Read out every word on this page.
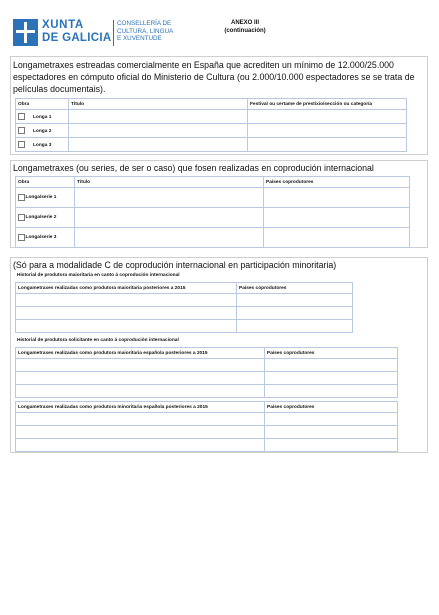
XUNTA
DE GALICIA
CONSELLERÍA DE
CULTURA, LINGUA
E XUVENTUDE
ANEXO III
(continuación)
Longametraxes estreadas comercialmente en España que acrediten un mínimo de 12.000/25.000 espectadores en cómputo oficial do Ministerio de Cultura (ou 2.000/10.000 espectadores se se trata de películas documentais).
Obra	Título	Festival ou certame de prestixio/sección ou categoría
Longa 1		
Longa 2		
Longa 3		
Longametraxes (ou series, de ser o caso) que fosen realizadas en coprodución internacional
Obra	Título	Países coprodutores

Longa/serie 1		

Longa/serie 2		

Longa/serie 3		

(Só para a modalidade C de coprodución internacional en participación minoritaria)
Historial de produtora maioritaria en canto á coprodución internacional
Longametraxes realizadas como produtora maioritaria posteriores a 2015	Países coprodutores

Historial de produtora solicitante en canto á coprodución internacional
Longametraxes realizadas como produtora maioritaria española posteriores a 2015	Países coprodutores

Longametraxes realizadas como produtora minoritaria española posteriores a 2015	Países coprodutores
